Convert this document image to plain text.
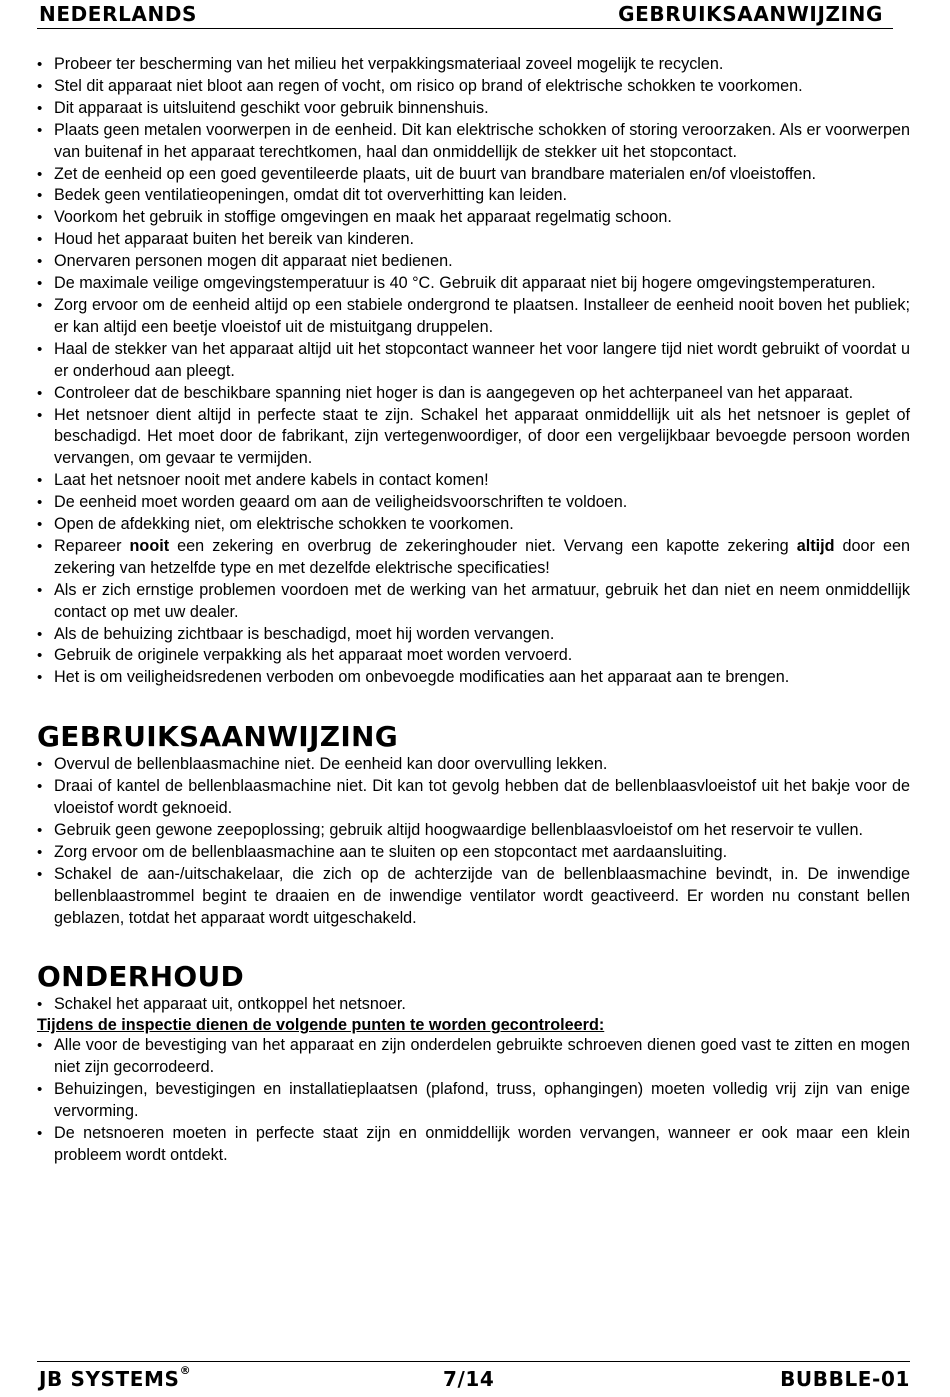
NEDERLANDS	GEBRUIKSAANWIJZING
• Probeer ter bescherming van het milieu het verpakkingsmateriaal zoveel mogelijk te recyclen.
• Stel dit apparaat niet bloot aan regen of vocht, om risico op brand of elektrische schokken te voorkomen.
• Dit apparaat is uitsluitend geschikt voor gebruik binnenshuis.
• Plaats geen metalen voorwerpen in de eenheid. Dit kan elektrische schokken of storing veroorzaken. Als er voorwerpen van buitenaf in het apparaat terechtkomen, haal dan onmiddellijk de stekker uit het stopcontact.
• Zet de eenheid op een goed geventileerde plaats, uit de buurt van brandbare materialen en/of vloeistoffen.
• Bedek geen ventilatieopeningen, omdat dit tot oververhitting kan leiden.
• Voorkom het gebruik in stoffige omgevingen en maak het apparaat regelmatig schoon.
• Houd het apparaat buiten het bereik van kinderen.
• Onervaren personen mogen dit apparaat niet bedienen.
• De maximale veilige omgevingstemperatuur is 40 °C. Gebruik dit apparaat niet bij hogere omgevingstemperaturen.
• Zorg ervoor om de eenheid altijd op een stabiele ondergrond te plaatsen. Installeer de eenheid nooit boven het publiek; er kan altijd een beetje vloeistof uit de mistuitgang druppelen.
• Haal de stekker van het apparaat altijd uit het stopcontact wanneer het voor langere tijd niet wordt gebruikt of voordat u er onderhoud aan pleegt.
• Controleer dat de beschikbare spanning niet hoger is dan is aangegeven op het achterpaneel van het apparaat.
• Het netsnoer dient altijd in perfecte staat te zijn. Schakel het apparaat onmiddellijk uit als het netsnoer is geplet of beschadigd. Het moet door de fabrikant, zijn vertegenwoordiger, of door een vergelijkbaar bevoegde persoon worden vervangen, om gevaar te vermijden.
• Laat het netsnoer nooit met andere kabels in contact komen!
• De eenheid moet worden geaard om aan de veiligheidsvoorschriften te voldoen.
• Open de afdekking niet, om elektrische schokken te voorkomen.
• Repareer nooit een zekering en overbrug de zekeringhouder niet. Vervang een kapotte zekering altijd door een zekering van hetzelfde type en met dezelfde elektrische specificaties!
• Als er zich ernstige problemen voordoen met de werking van het armatuur, gebruik het dan niet en neem onmiddellijk contact op met uw dealer.
• Als de behuizing zichtbaar is beschadigd, moet hij worden vervangen.
• Gebruik de originele verpakking als het apparaat moet worden vervoerd.
• Het is om veiligheidsredenen verboden om onbevoegde modificaties aan het apparaat aan te brengen.
GEBRUIKSAANWIJZING
• Overvul de bellenblaasmachine niet. De eenheid kan door overvulling lekken.
• Draai of kantel de bellenblaasmachine niet. Dit kan tot gevolg hebben dat de bellenblaasvloeistof uit het bakje voor de vloeistof wordt geknoeid.
• Gebruik geen gewone zeepoplossing; gebruik altijd hoogwaardige bellenblaasvloeistof om het reservoir te vullen.
• Zorg ervoor om de bellenblaasmachine aan te sluiten op een stopcontact met aardaansluiting.
• Schakel de aan-/uitschakelaar, die zich op de achterzijde van de bellenblaasmachine bevindt, in. De inwendige bellenblaastrommel begint te draaien en de inwendige ventilator wordt geactiveerd. Er worden nu constant bellen geblazen, totdat het apparaat wordt uitgeschakeld.
ONDERHOUD
• Schakel het apparaat uit, ontkoppel het netsnoer.
Tijdens de inspectie dienen de volgende punten te worden gecontroleerd:
• Alle voor de bevestiging van het apparaat en zijn onderdelen gebruikte schroeven dienen goed vast te zitten en mogen niet zijn gecorrodeerd.
• Behuizingen, bevestigingen en installatieplaatsen (plafond, truss, ophangingen) moeten volledig vrij zijn van enige vervorming.
• De netsnoeren moeten in perfecte staat zijn en onmiddellijk worden vervangen, wanneer er ook maar een klein probleem wordt ontdekt.
JB SYSTEMS®	7/14	BUBBLE-01
